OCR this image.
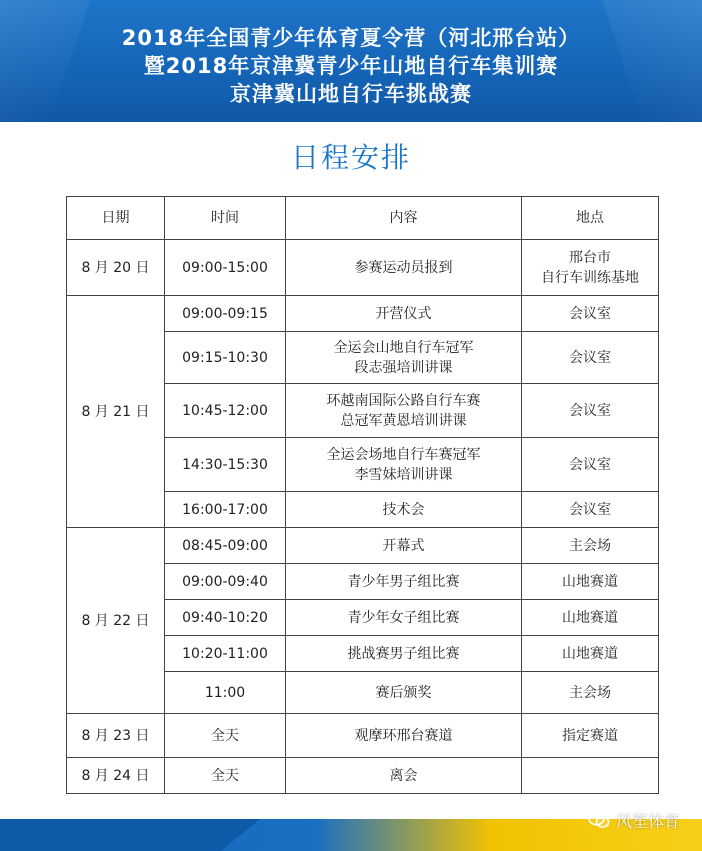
2018年全国青少年体育夏令营（河北邢台站）
暨2018年京津冀青少年山地自行车集训赛
京津冀山地自行车挑战赛
日程安排
日期	时间	内容	地点
8 月 20 日	09:00-15:00	参赛运动员报到	邢台市
自行车训练基地

8 月 21 日	09:00-09:15	开营仪式	会议室

	09:15-10:30	全运会山地自行车冠军
段志强培训讲课	会议室

	10:45-12:00	环越南国际公路自行车赛
总冠军黄恩培训讲课	会议室

	14:30-15:30	全运会场地自行车赛冠军
李雪妹培训讲课	会议室

	16:00-17:00	技术会	会议室

8 月 22 日	08:45-09:00	开幕式	主会场

	09:00-09:40	青少年男子组比赛	山地赛道

	09:40-10:20	青少年女子组比赛	山地赛道

	10:20-11:00	挑战赛男子组比赛	山地赛道

	11:00	赛后颁奖	主会场

8 月 23 日	全天	观摩环邢台赛道	指定赛道

8 月 24 日	全天	离会	

风笙体育
